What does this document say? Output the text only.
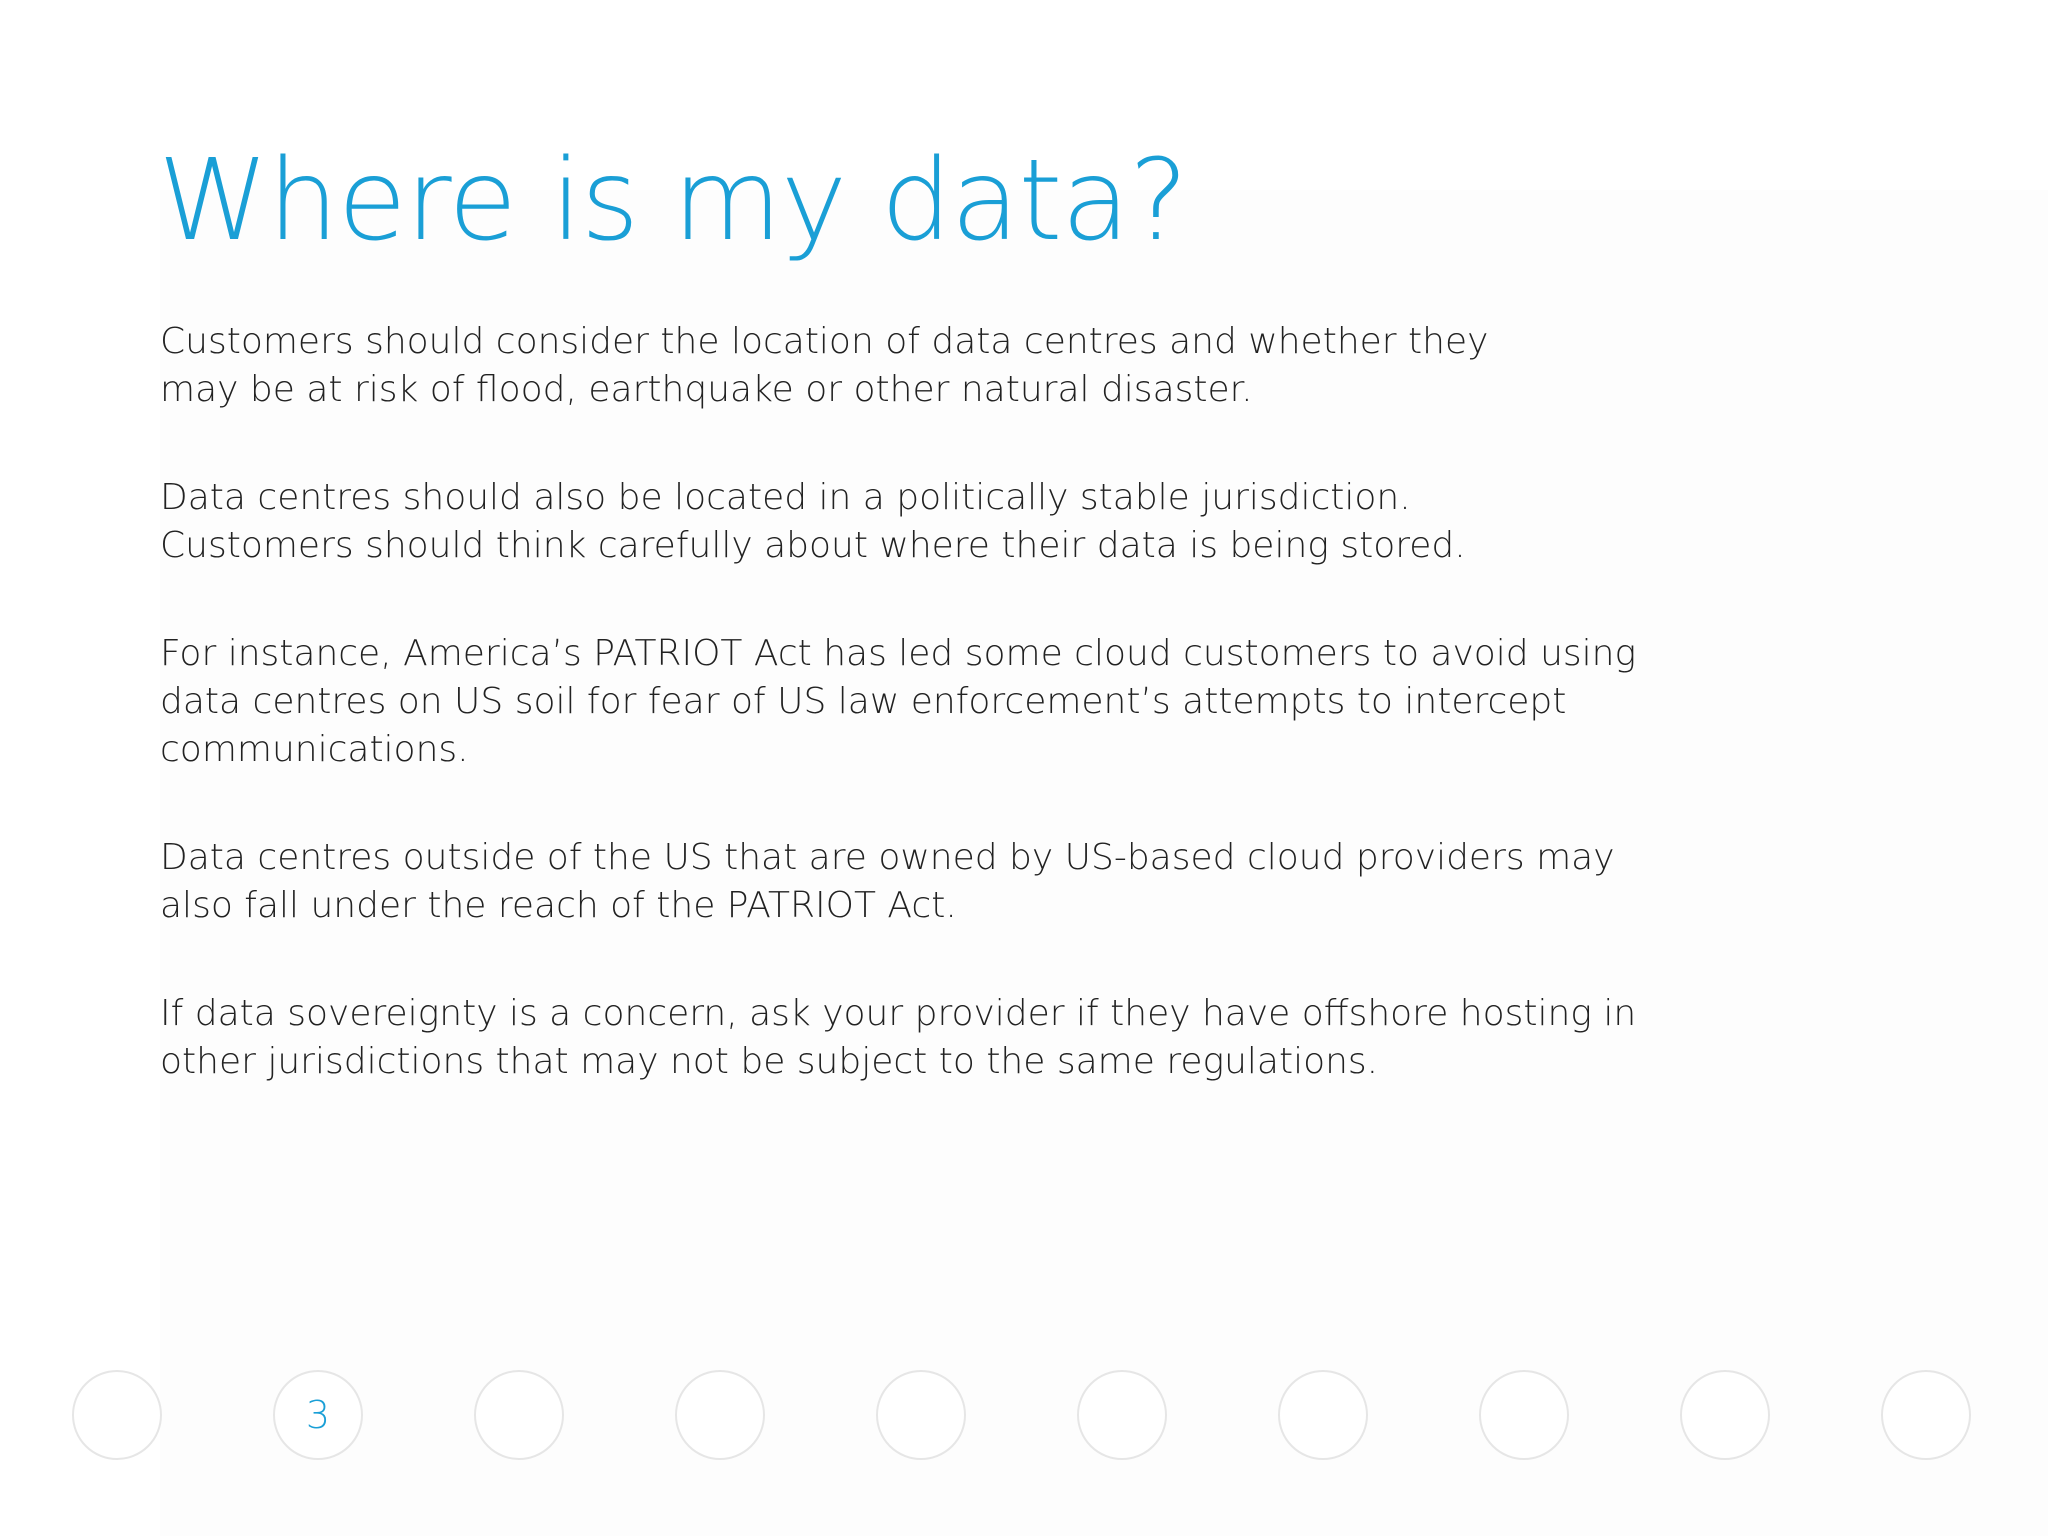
Where is my data?

Customers should consider the location of data centres and whether they
may be at risk of flood, earthquake or other natural disaster.

Data centres should also be located in a politically stable jurisdiction.
Customers should think carefully about where their data is being stored.

For instance, America’s PATRIOT Act has led some cloud customers to avoid using
data centres on US soil for fear of US law enforcement’s attempts to intercept
communications.

Data centres outside of the US that are owned by US-based cloud providers may
also fall under the reach of the PATRIOT Act.

If data sovereignty is a concern, ask your provider if they have offshore hosting in
other jurisdictions that may not be subject to the same regulations.

3
